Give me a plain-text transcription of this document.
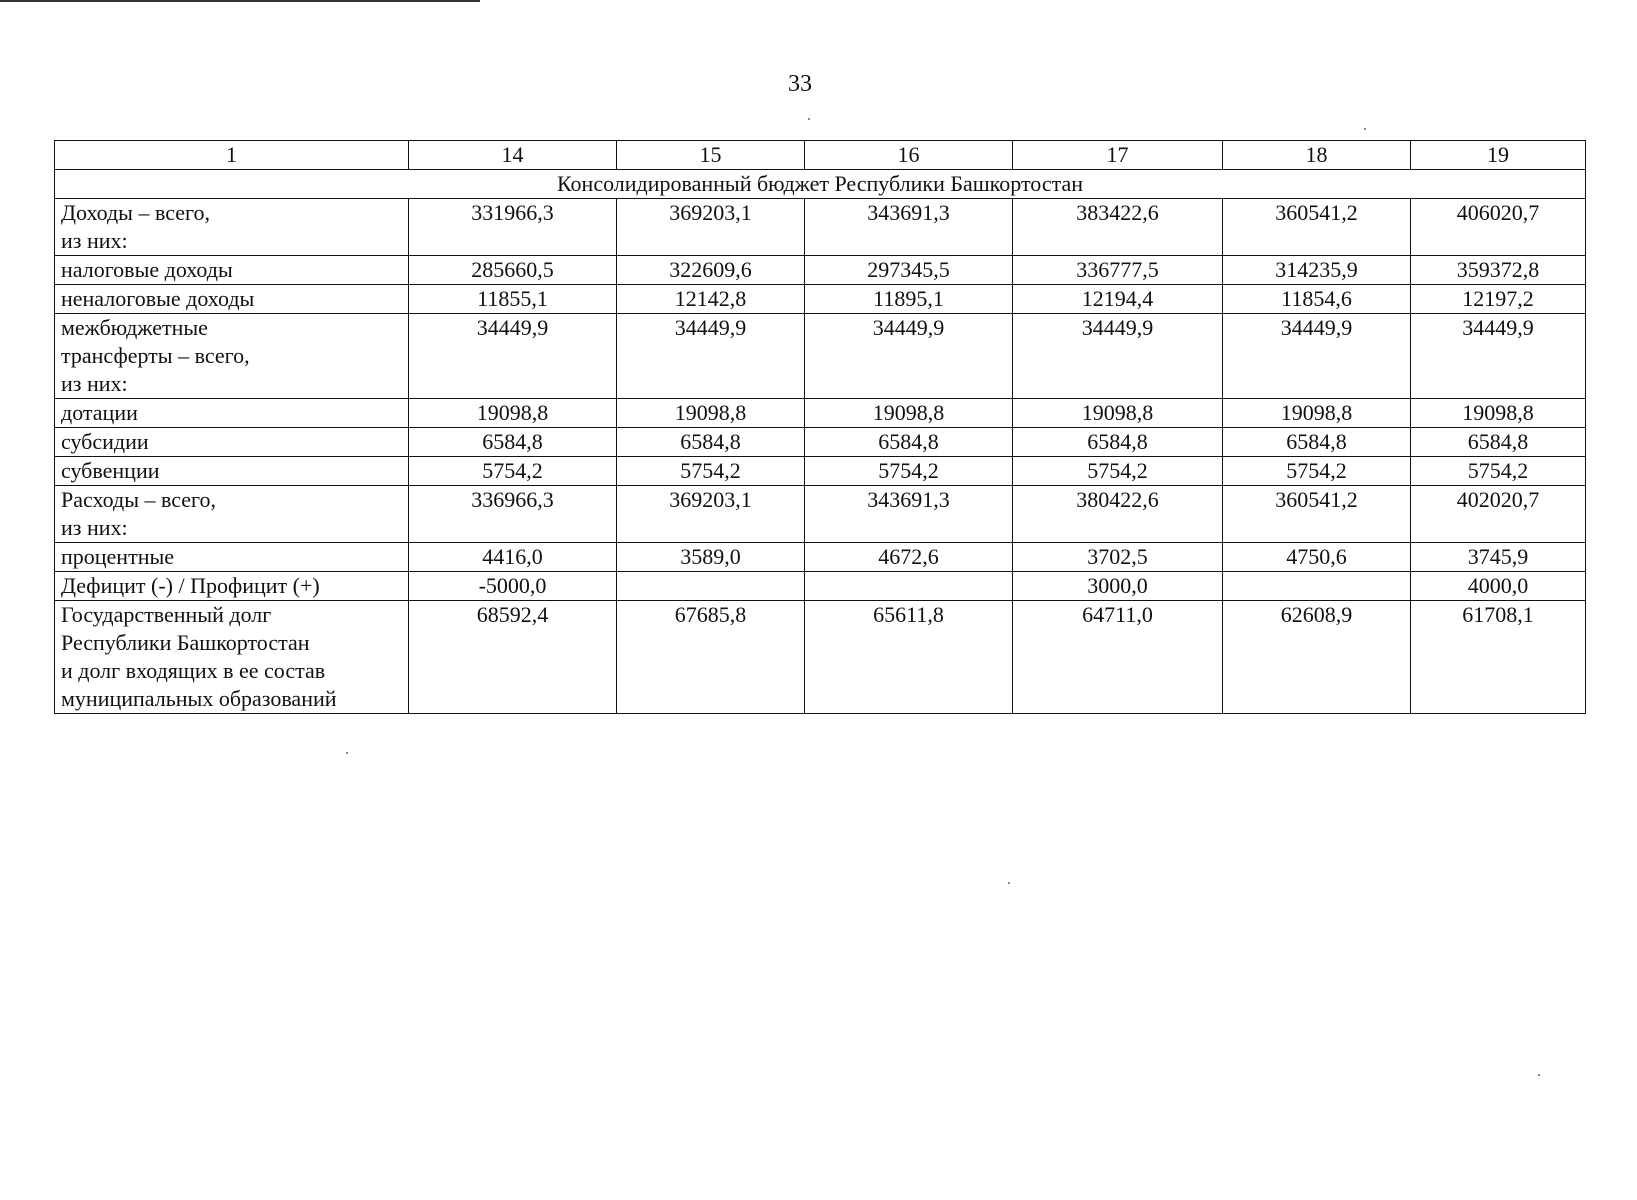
33
1	14	15	16	17	18	19
Консолидированный бюджет Республики Башкортостан						
Доходы – всего,
из них:	331966,3	369203,1	343691,3	383422,6	360541,2	406020,7
налоговые доходы	285660,5	322609,6	297345,5	336777,5	314235,9	359372,8
неналоговые доходы	11855,1	12142,8	11895,1	12194,4	11854,6	12197,2
межбюджетные
трансферты – всего,
из них:	34449,9	34449,9	34449,9	34449,9	34449,9	34449,9
дотации	19098,8	19098,8	19098,8	19098,8	19098,8	19098,8
субсидии	6584,8	6584,8	6584,8	6584,8	6584,8	6584,8
субвенции	5754,2	5754,2	5754,2	5754,2	5754,2	5754,2
Расходы – всего,
из них:	336966,3	369203,1	343691,3	380422,6	360541,2	402020,7
процентные	4416,0	3589,0	4672,6	3702,5	4750,6	3745,9
Дефицит (-) / Профицит (+)	-5000,0			3000,0		4000,0
Государственный долг
Республики Башкортостан
и долг входящих в ее состав
муниципальных образований	68592,4	67685,8	65611,8	64711,0	62608,9	61708,1
